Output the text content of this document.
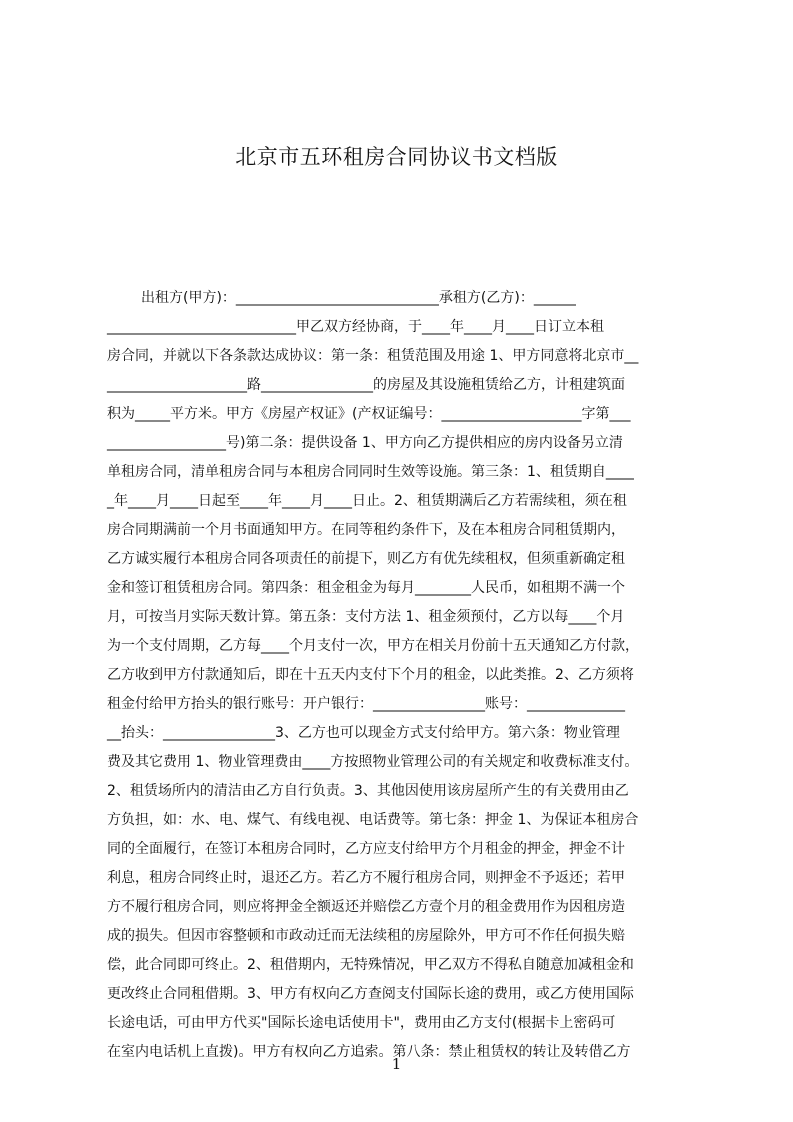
北京市五环租房合同协议书文档版
出租方(甲方)：_____________________________承租方(乙方)：______
___________________________甲乙双方经协商，于____年____月____日订立本租
房合同，并就以下各条款达成协议：第一条：租赁范围及用途 1、甲方同意将北京市__
____________________路________________的房屋及其设施租赁给乙方，计租建筑面
积为_____平方米。甲方《房屋产权证》(产权证编号：____________________字第___
_________________号)第二条：提供设备 1、甲方向乙方提供相应的房内设备另立清
单租房合同，清单租房合同与本租房合同同时生效等设施。第三条：1、租赁期自____
_年____月____日起至____年____月____日止。2、租赁期满后乙方若需续租，须在租
房合同期满前一个月书面通知甲方。在同等租约条件下，及在本租房合同租赁期内，
乙方诚实履行本租房合同各项责任的前提下，则乙方有优先续租权，但须重新确定租
金和签订租赁租房合同。第四条：租金租金为每月________人民币，如租期不满一个
月，可按当月实际天数计算。第五条：支付方法 1、租金须预付，乙方以每____个月
为一个支付周期，乙方每____个月支付一次，甲方在相关月份前十五天通知乙方付款，
乙方收到甲方付款通知后，即在十五天内支付下个月的租金，以此类推。2、乙方须将
租金付给甲方抬头的银行账号：开户银行：________________账号：______________
__抬头：________________3、乙方也可以现金方式支付给甲方。第六条：物业管理
费及其它费用 1、物业管理费由____方按照物业管理公司的有关规定和收费标准支付。
2、租赁场所内的清洁由乙方自行负责。3、其他因使用该房屋所产生的有关费用由乙
方负担，如：水、电、煤气、有线电视、电话费等。第七条：押金 1、为保证本租房合
同的全面履行，在签订本租房合同时，乙方应支付给甲方个月租金的押金，押金不计
利息，租房合同终止时，退还乙方。若乙方不履行租房合同，则押金不予返还；若甲
方不履行租房合同，则应将押金全额返还并赔偿乙方壹个月的租金费用作为因租房造
成的损失。但因市容整顿和市政动迁而无法续租的房屋除外，甲方可不作任何损失赔
偿，此合同即可终止。2、租借期内，无特殊情况，甲乙双方不得私自随意加减租金和
更改终止合同租借期。3、甲方有权向乙方查阅支付国际长途的费用，或乙方使用国际
长途电话，可由甲方代买"国际长途电话使用卡"，费用由乙方支付(根据卡上密码可
在室内电话机上直拨)。甲方有权向乙方追索。第八条：禁止租赁权的转让及转借乙方
1
